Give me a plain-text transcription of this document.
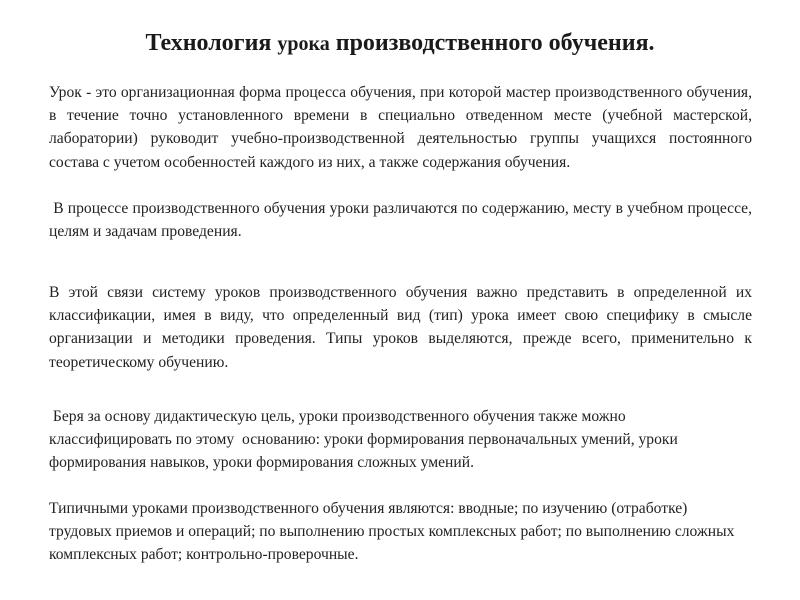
Технология урока производственного обучения.

Урок - это организационная форма процесса обучения, при которой мастер производственного обучения, в течение точно установленного времени в специально отведенном месте (учебной мастерской, лаборатории) руководит учебно-производственной деятельностью группы учащихся постоянного состава с учетом особенностей каждого из них, а также содержания обучения.

В процессе производственного обучения уроки различаются по содержанию, месту в учебном процессе, целям и задачам проведения.

В этой связи систему уроков производственного обучения важно представить в определенной их классификации, имея в виду, что определенный вид (тип) урока имеет свою специфику в смысле организации и методики проведения. Типы уроков выделяются, прежде всего, применительно к теоретическому обучению.

Беря за основу дидактическую цель, уроки производственного обучения также можно классифицировать по этому  основанию: уроки формирования первоначальных умений, уроки формирования навыков, уроки формирования сложных умений.

Типичными уроками производственного обучения являются: вводные; по изучению (отработке) трудовых приемов и операций; по выполнению простых комплексных работ; по выполнению сложных комплексных работ; контрольно-проверочные.
